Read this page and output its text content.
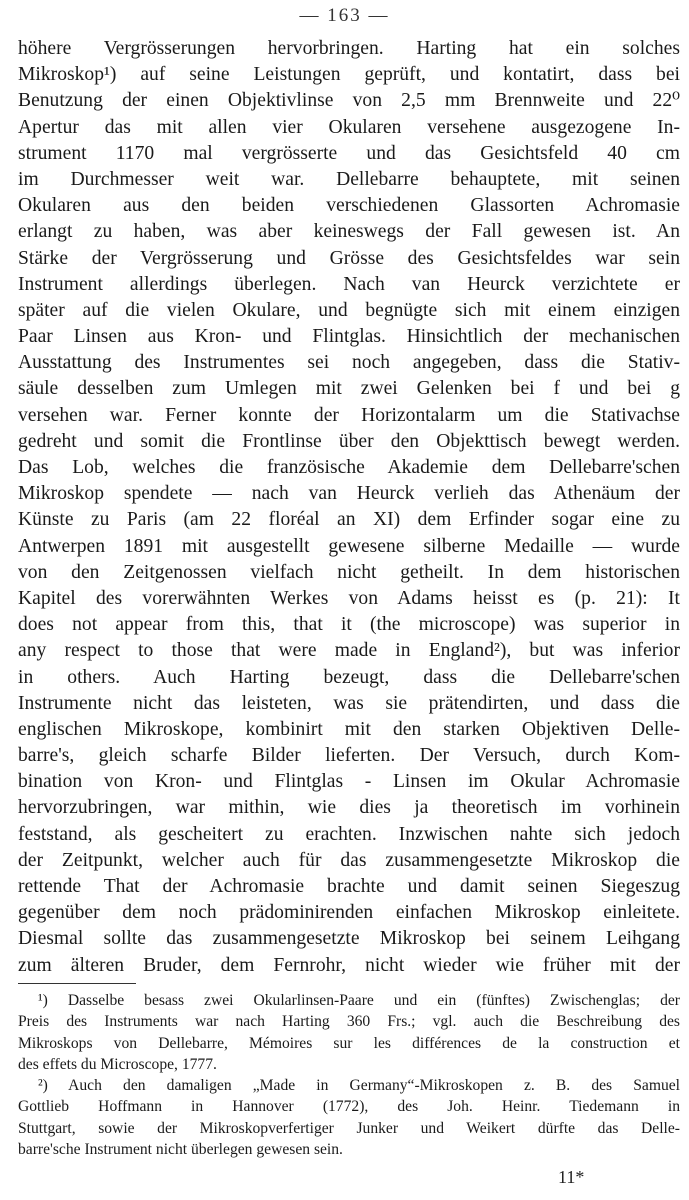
— 163 —
höhere Vergrösserungen hervorbringen. Harting hat ein solches
Mikroskop¹) auf seine Leistungen geprüft, und kontatirt, dass bei
Benutzung der einen Objektivlinse von 2,5 mm Brennweite und 22⁰
Apertur das mit allen vier Okularen versehene ausgezogene In-
strument 1170 mal vergrösserte und das Gesichtsfeld 40 cm
im Durchmesser weit war. Dellebarre behauptete, mit seinen
Okularen aus den beiden verschiedenen Glassorten Achromasie
erlangt zu haben, was aber keineswegs der Fall gewesen ist. An
Stärke der Vergrösserung und Grösse des Gesichtsfeldes war sein
Instrument allerdings überlegen. Nach van Heurck verzichtete er
später auf die vielen Okulare, und begnügte sich mit einem einzigen
Paar Linsen aus Kron- und Flintglas. Hinsichtlich der mechanischen
Ausstattung des Instrumentes sei noch angegeben, dass die Stativ-
säule desselben zum Umlegen mit zwei Gelenken bei f und bei g
versehen war. Ferner konnte der Horizontalarm um die Stativachse
gedreht und somit die Frontlinse über den Objekttisch bewegt werden.
Das Lob, welches die französische Akademie dem Dellebarre'schen
Mikroskop spendete — nach van Heurck verlieh das Athenäum der
Künste zu Paris (am 22 floréal an XI) dem Erfinder sogar eine zu
Antwerpen 1891 mit ausgestellt gewesene silberne Medaille — wurde
von den Zeitgenossen vielfach nicht getheilt. In dem historischen
Kapitel des vorerwähnten Werkes von Adams heisst es (p. 21): It
does not appear from this, that it (the microscope) was superior in
any respect to those that were made in England²), but was inferior
in others. Auch Harting bezeugt, dass die Dellebarre'schen
Instrumente nicht das leisteten, was sie prätendirten, und dass die
englischen Mikroskope, kombinirt mit den starken Objektiven Delle-
barre's, gleich scharfe Bilder lieferten. Der Versuch, durch Kom-
bination von Kron- und Flintglas - Linsen im Okular Achromasie
hervorzubringen, war mithin, wie dies ja theoretisch im vorhinein
feststand, als gescheitert zu erachten. Inzwischen nahte sich jedoch
der Zeitpunkt, welcher auch für das zusammengesetzte Mikroskop die
rettende That der Achromasie brachte und damit seinen Siegeszug
gegenüber dem noch prädominirenden einfachen Mikroskop einleitete.
Diesmal sollte das zusammengesetzte Mikroskop bei seinem Leihgang
zum älteren Bruder, dem Fernrohr, nicht wieder wie früher mit der
¹) Dasselbe besass zwei Okularlinsen-Paare und ein (fünftes) Zwischenglas; der
Preis des Instruments war nach Harting 360 Frs.; vgl. auch die Beschreibung des
Mikroskops von Dellebarre, Mémoires sur les différences de la construction et
des effets du Microscope, 1777.
²) Auch den damaligen „Made in Germany“-Mikroskopen z. B. des Samuel
Gottlieb Hoffmann in Hannover (1772), des Joh. Heinr. Tiedemann in
Stuttgart, sowie der Mikroskopverfertiger Junker und Weikert dürfte das Delle-
barre'sche Instrument nicht überlegen gewesen sein.
11*
